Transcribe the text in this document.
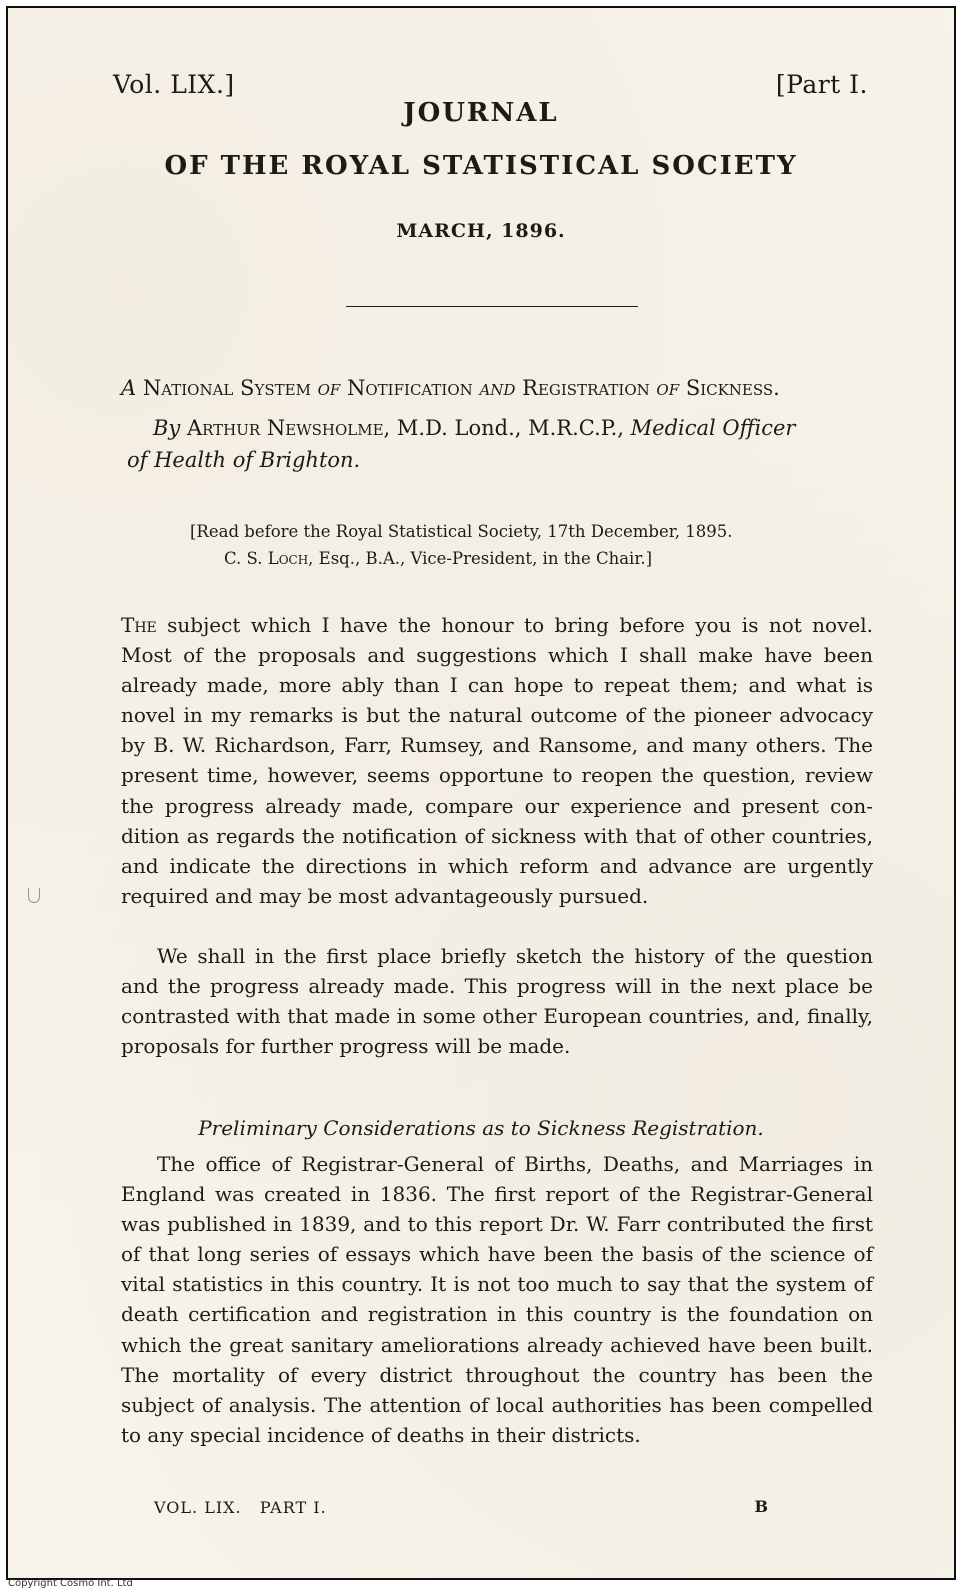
Vol. LIX.]	[Part I.
JOURNAL
OF THE ROYAL STATISTICAL SOCIETY
MARCH, 1896.
A National System of Notification and Registration of Sickness.
By Arthur Newsholme, M.D. Lond., M.R.C.P., Medical Officer
of Health of Brighton.
[Read before the Royal Statistical Society, 17th December, 1895.
C. S. Loch, Esq., B.A., Vice-President, in the Chair.]
The subject which I have the honour to bring before you is not novel. Most of the proposals and suggestions which I shall make have been already made, more ably than I can hope to repeat them; and what is novel in my remarks is but the natural outcome of the pioneer advocacy by B. W. Richardson, Farr, Rumsey, and Ransome, and many others. The present time, however, seems opportune to reopen the question, review the progress already made, compare our experience and present condition as regards the notification of sickness with that of other countries, and indicate the directions in which reform and advance are urgently required and may be most advantageously pursued.
We shall in the first place briefly sketch the history of the question and the progress already made. This progress will in the next place be contrasted with that made in some other European countries, and, finally, proposals for further progress will be made.
Preliminary Considerations as to Sickness Registration.
The office of Registrar-General of Births, Deaths, and Marriages in England was created in 1836. The first report of the Registrar-General was published in 1839, and to this report Dr. W. Farr contributed the first of that long series of essays which have been the basis of the science of vital statistics in this country. It is not too much to say that the system of death certification and registration in this country is the foundation on which the great sanitary ameliorations already achieved have been built. The mortality of every district throughout the country has been the subject of analysis. The attention of local authorities has been compelled to any special incidence of deaths in their districts.
VOL. LIX.   PART I.	B
Copyright Cosmo Int. Ltd
